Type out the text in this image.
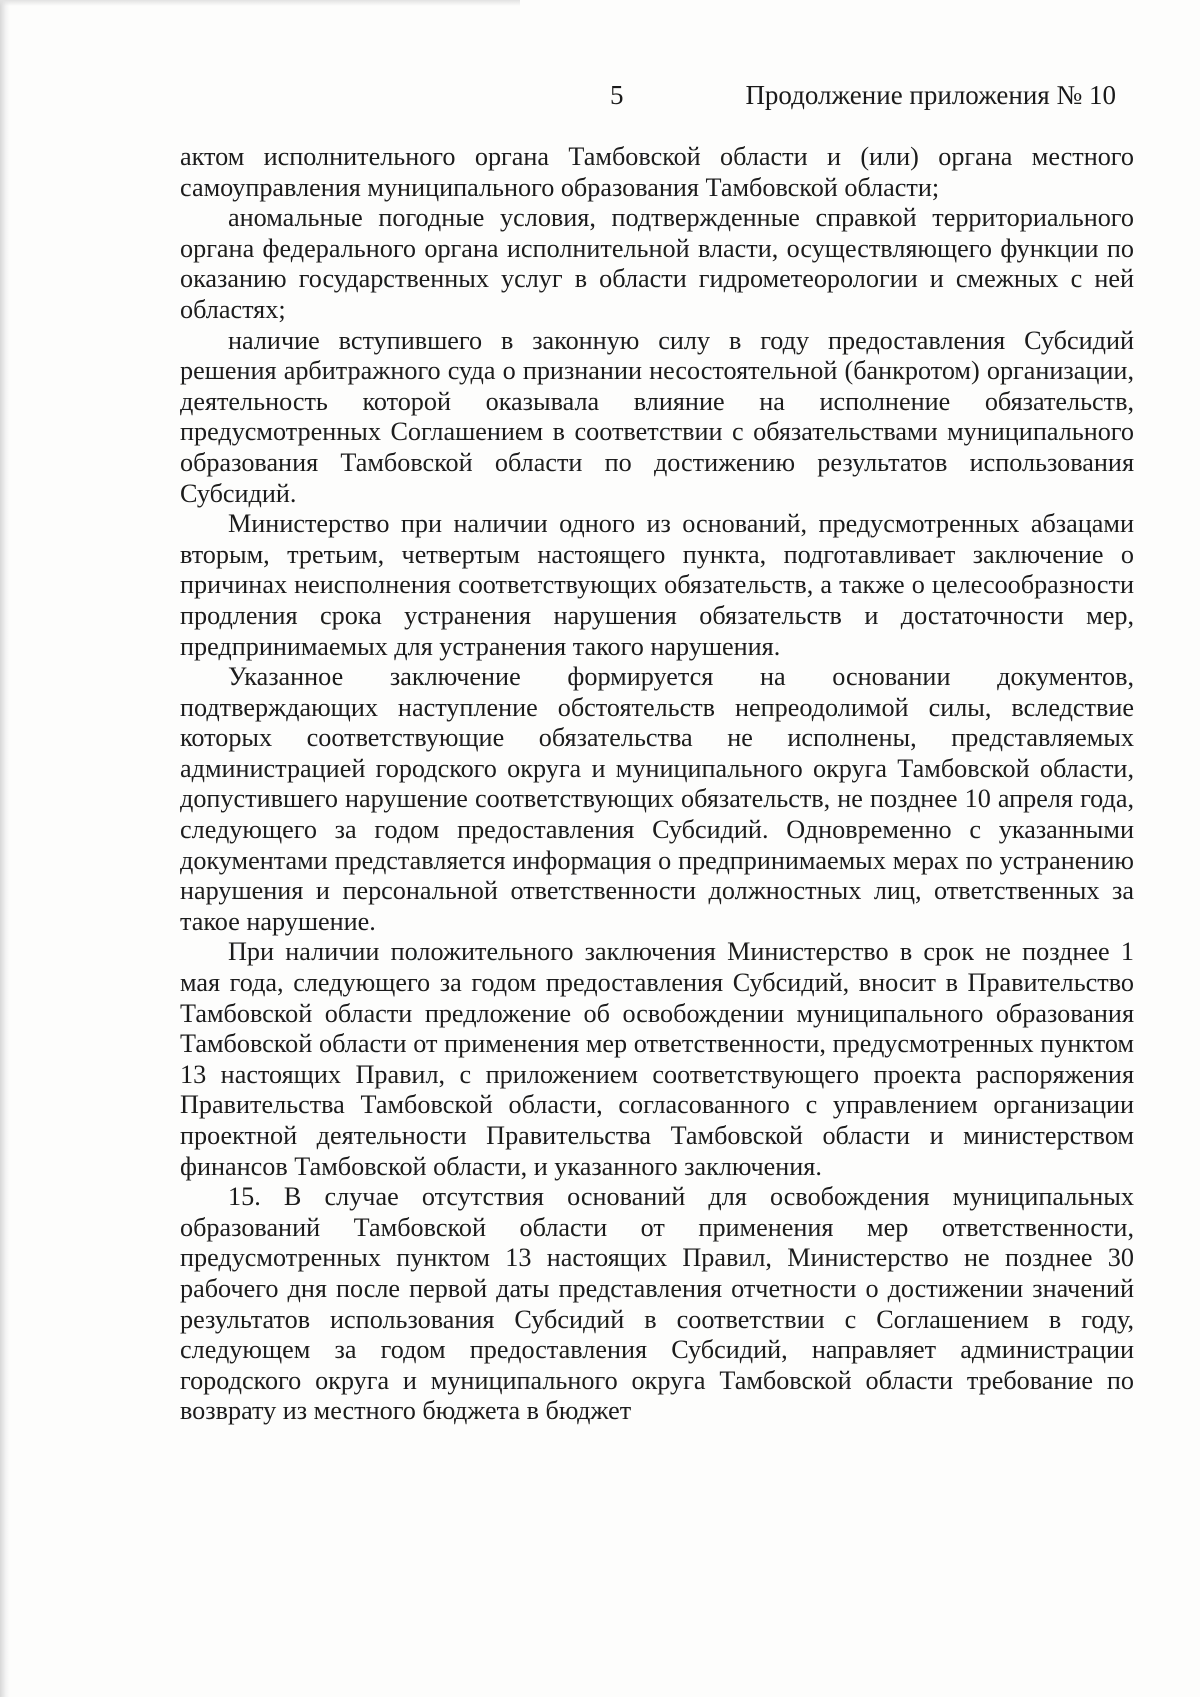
5	Продолжение приложения № 10

актом исполнительного органа Тамбовской области и (или) органа местного самоуправления муниципального образования Тамбовской области;

аномальные погодные условия, подтвержденные справкой территориального органа федерального органа исполнительной власти, осуществляющего функции по оказанию государственных услуг в области гидрометеорологии и смежных с ней областях;

наличие вступившего в законную силу в году предоставления Субсидий решения арбитражного суда о признании несостоятельной (банкротом) организации, деятельность которой оказывала влияние на исполнение обязательств, предусмотренных Соглашением в соответствии с обязательствами муниципального образования Тамбовской области по достижению результатов использования Субсидий.

Министерство при наличии одного из оснований, предусмотренных абзацами вторым, третьим, четвертым настоящего пункта, подготавливает заключение о причинах неисполнения соответствующих обязательств, а также о целесообразности продления срока устранения нарушения обязательств и достаточности мер, предпринимаемых для устранения такого нарушения.

Указанное заключение формируется на основании документов, подтверждающих наступление обстоятельств непреодолимой силы, вследствие которых соответствующие обязательства не исполнены, представляемых администрацией городского округа и муниципального округа Тамбовской области, допустившего нарушение соответствующих обязательств, не позднее 10 апреля года, следующего за годом предоставления Субсидий. Одновременно с указанными документами представляется информация о предпринимаемых мерах по устранению нарушения и персональной ответственности должностных лиц, ответственных за такое нарушение.

При наличии положительного заключения Министерство в срок не позднее 1 мая года, следующего за годом предоставления Субсидий, вносит в Правительство Тамбовской области предложение об освобождении муниципального образования Тамбовской области от применения мер ответственности, предусмотренных пунктом 13 настоящих Правил, с приложением соответствующего проекта распоряжения Правительства Тамбовской области, согласованного с управлением организации проектной деятельности Правительства Тамбовской области и министерством финансов Тамбовской области, и указанного заключения.

15. В случае отсутствия оснований для освобождения муниципальных образований Тамбовской области от применения мер ответственности, предусмотренных пунктом 13 настоящих Правил, Министерство не позднее 30 рабочего дня после первой даты представления отчетности о достижении значений результатов использования Субсидий в соответствии с Соглашением в году, следующем за годом предоставления Субсидий, направляет администрации городского округа и муниципального округа Тамбовской области требование по возврату из местного бюджета в бюджет
